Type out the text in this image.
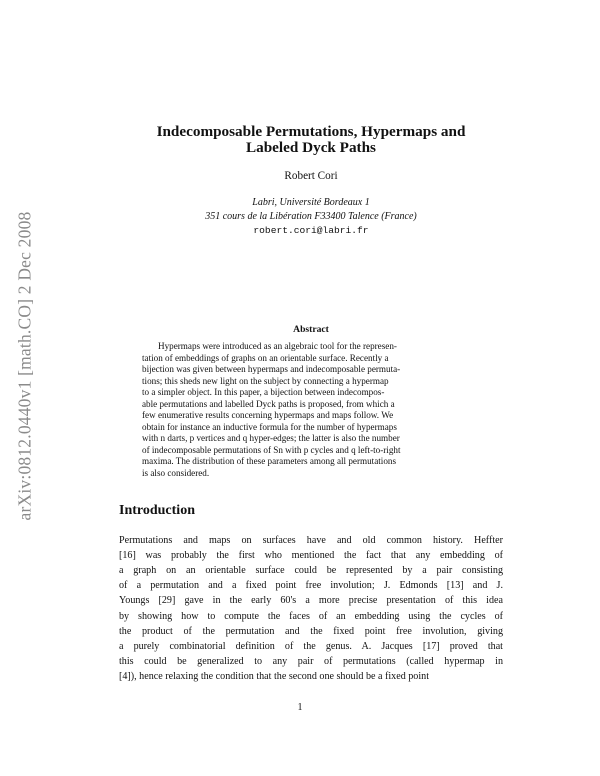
arXiv:0812.0440v1 [math.CO] 2 Dec 2008
Indecomposable Permutations, Hypermaps and
Labeled Dyck Paths

Robert Cori

Labri, Université Bordeaux 1
351 cours de la Libération F33400 Talence (France)
robert.cori@labri.fr
Abstract

Hypermaps were introduced as an algebraic tool for the represen-

tation of embeddings of graphs on an orientable surface. Recently a
bijection was given between hypermaps and indecomposable permuta-
tions; this sheds new light on the subject by connecting a hypermap
to a simpler object. In this paper, a bijection between indecompos-
able permutations and labelled Dyck paths is proposed, from which a
few enumerative results concerning hypermaps and maps follow. We
obtain for instance an inductive formula for the number of hypermaps
with n darts, p vertices and q hyper-edges; the latter is also the number
of indecomposable permutations of Sn with p cycles and q left-to-right
maxima. The distribution of these parameters among all permutations
is also considered.
Introduction
Permutations and maps on surfaces have and old common history. Heffter
[16] was probably the first who mentioned the fact that any embedding of
a graph on an orientable surface could be represented by a pair consisting
of a permutation and a fixed point free involution; J. Edmonds [13] and J.
Youngs [29] gave in the early 60's a more precise presentation of this idea
by showing how to compute the faces of an embedding using the cycles of
the product of the permutation and the fixed point free involution, giving
a purely combinatorial definition of the genus. A. Jacques [17] proved that
this could be generalized to any pair of permutations (called hypermap in
[4]), hence relaxing the condition that the second one should be a fixed point
1
